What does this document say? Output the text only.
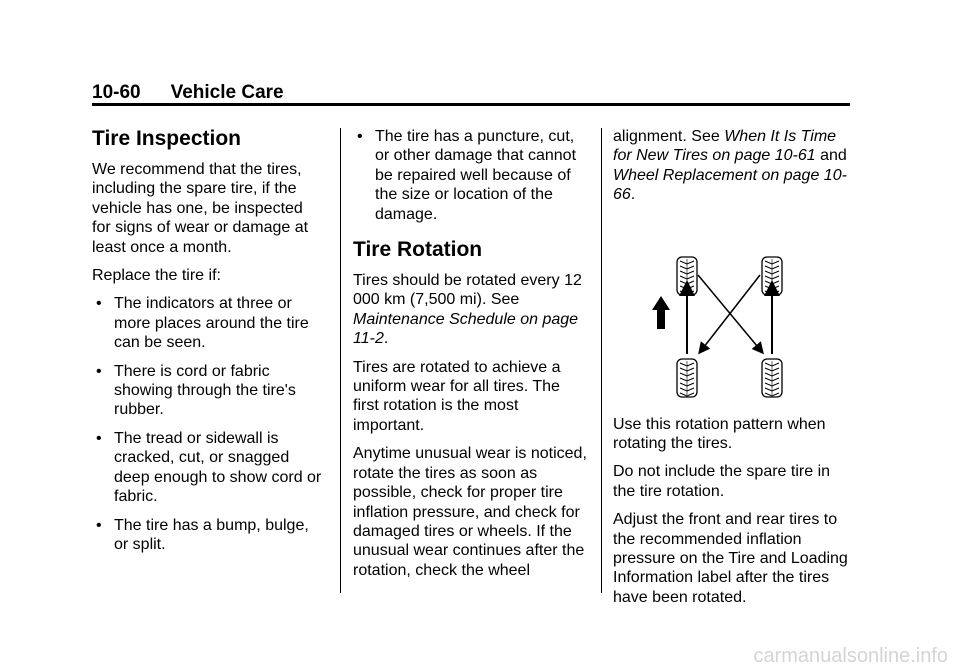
10-60 Vehicle Care
Tire Inspection

We recommend that the tires, including the spare tire, if the vehicle has one, be inspected for signs of wear or damage at least once a month.

Replace the tire if:

• The indicators at three or more places around the tire can be seen.
• There is cord or fabric showing through the tire's rubber.
• The tread or sidewall is cracked, cut, or snagged deep enough to show cord or fabric.
• The tire has a bump, bulge, or split.
• The tire has a puncture, cut, or other damage that cannot be repaired well because of the size or location of the damage.
Tire Rotation

Tires should be rotated every 12 000 km (7,500 mi). See Maintenance Schedule on page 11-2.

Tires are rotated to achieve a uniform wear for all tires. The first rotation is the most important.

Anytime unusual wear is noticed, rotate the tires as soon as possible, check for proper tire inflation pressure, and check for damaged tires or wheels. If the unusual wear continues after the rotation, check the wheel

alignment. See When It Is Time for New Tires on page 10-61 and Wheel Replacement on page 10-66.

Use this rotation pattern when rotating the tires.

Do not include the spare tire in the tire rotation.

Adjust the front and rear tires to the recommended inflation pressure on the Tire and Loading Information label after the tires have been rotated.

carmanualsonline.info
